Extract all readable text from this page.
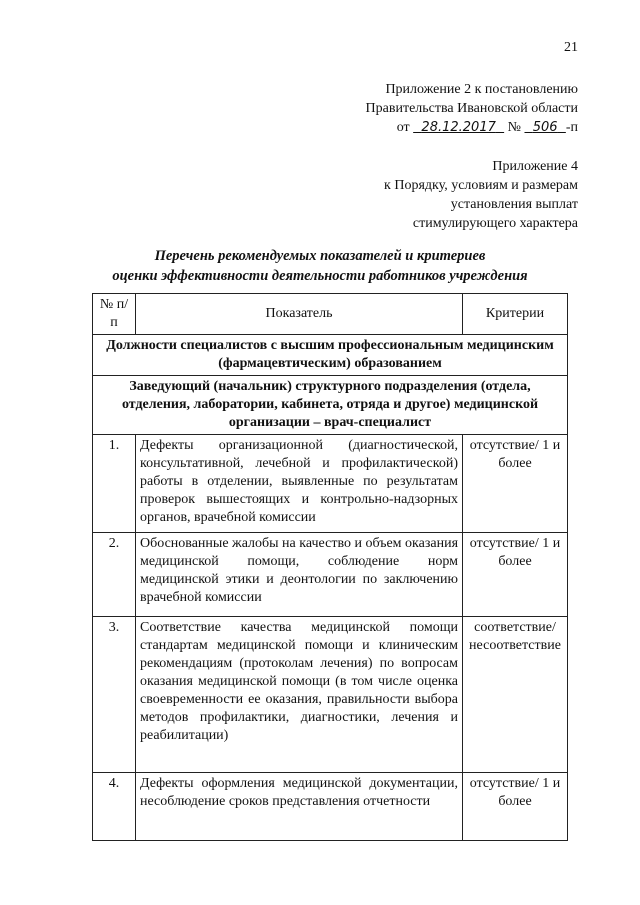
21
Приложение 2 к постановлению
Правительства Ивановской области
от 28.12.2017 № 506 -п
Приложение 4
к Порядку, условиям и размерам
установления выплат
стимулирующего характера
Перечень рекомендуемых показателей и критериев
оценки эффективности деятельности работников учреждения
№ п/п	Показатель	Критерии
Должности специалистов с высшим профессиональным медицинским (фармацевтическим) образованием		
Заведующий (начальник) структурного подразделения (отдела, отделения, лаборатории, кабинета, отряда и другое) медицинской организации – врач-специалист		
1.	Дефекты организационной (диагностической, консультативной, лечебной и профилактической) работы в отделении, выявленные по результатам проверок вышестоящих и контрольно-надзорных органов, врачебной комиссии	отсутствие/ 1 и более
2.	Обоснованные жалобы на качество и объем оказания медицинской помощи, соблюдение норм медицинской этики и деонтологии по заключению врачебной комиссии	отсутствие/ 1 и более
3.	Соответствие качества медицинской помощи стандартам медицинской помощи и клиническим рекомендациям (протоколам лечения) по вопросам оказания медицинской помощи (в том числе оценка своевременности ее оказания, правильности выбора методов профилактики, диагностики, лечения и реабилитации)	соответствие/ несоответствие
4.	Дефекты оформления медицинской документации, несоблюдение сроков представления отчетности	отсутствие/ 1 и более
